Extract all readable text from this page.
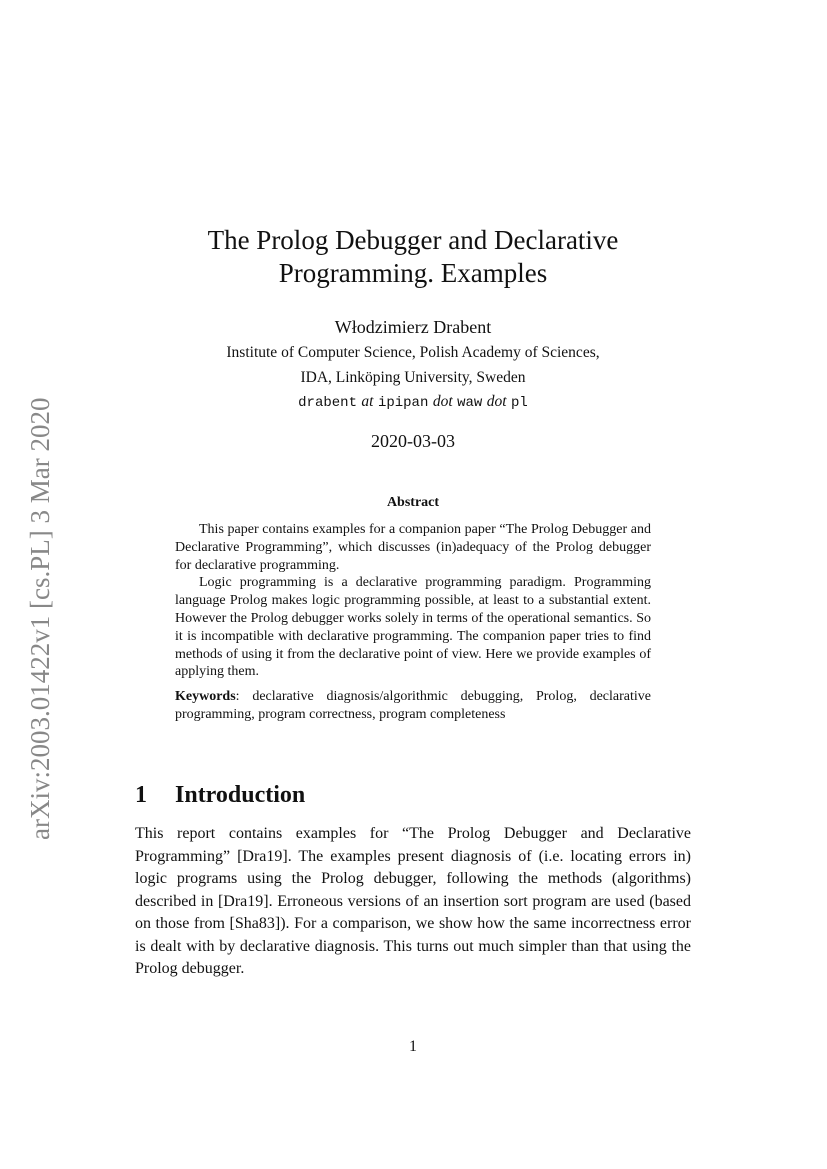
arXiv:2003.01422v1 [cs.PL] 3 Mar 2020
The Prolog Debugger and Declarative
Programming. Examples
Włodzimierz Drabent
Institute of Computer Science, Polish Academy of Sciences,
IDA, Linköping University, Sweden
drabent at ipipan dot waw dot pl
2020-03-03
Abstract

This paper contains examples for a companion paper “The Prolog Debugger and Declarative Programming”, which discusses (in)adequacy of the Prolog debugger for declarative programming.

Logic programming is a declarative programming paradigm. Programming language Prolog makes logic programming possible, at least to a substantial extent. However the Prolog debugger works solely in terms of the operational semantics. So it is incompatible with declarative programming. The companion paper tries to find methods of using it from the declarative point of view. Here we provide examples of applying them.

Keywords: declarative diagnosis/algorithmic debugging, Prolog, declarative programming, program correctness, program completeness

1 Introduction

This report contains examples for “The Prolog Debugger and Declarative Programming” [Dra19]. The examples present diagnosis of (i.e. locating errors in) logic programs using the Prolog debugger, following the methods (algorithms) described in [Dra19]. Erroneous versions of an insertion sort program are used (based on those from [Sha83]). For a comparison, we show how the same incorrectness error is dealt with by declarative diagnosis. This turns out much simpler than that using the Prolog debugger.

1
